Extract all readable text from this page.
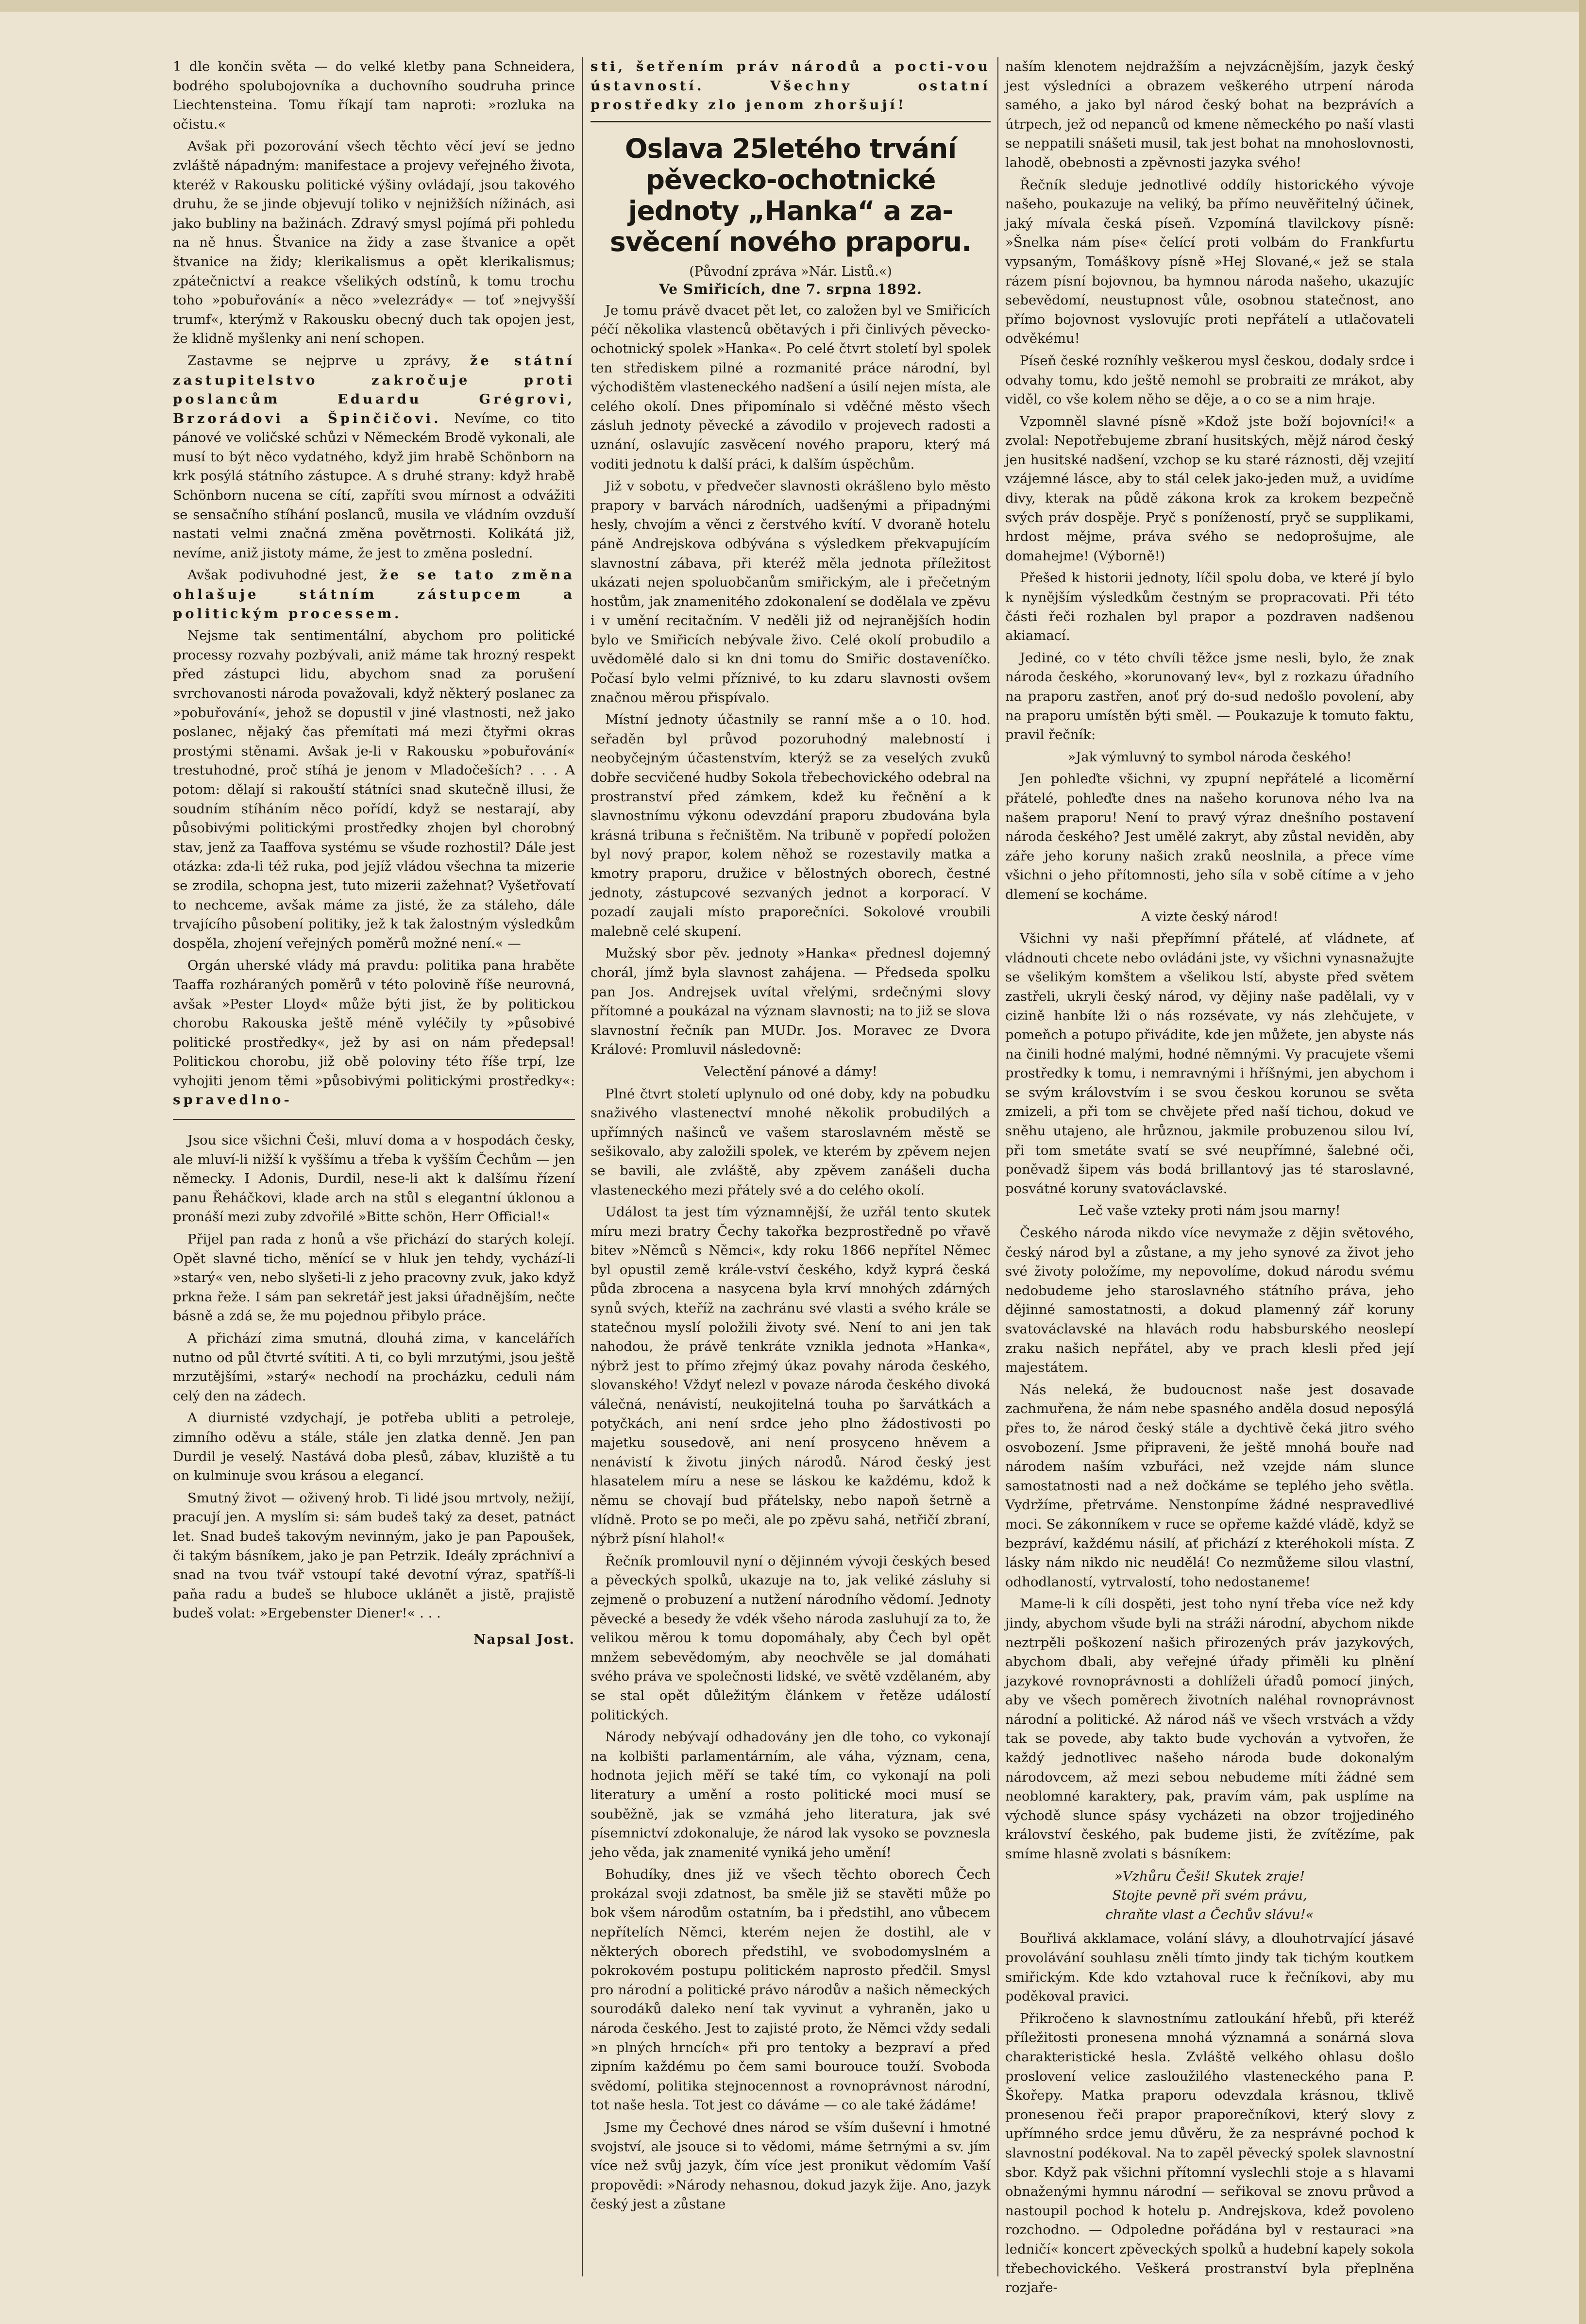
1 dle končin světa — do velké kletby pana Schneidera, bodrého spolubojovníka a duchovního soudruha prince Liechtensteina. Tomu říkají tam naproti: »rozluka na očistu.«

Avšak při pozorování všech těchto věcí jeví se jedno zvláště nápadným: manifestace a projevy veřejného života, kteréž v Rakousku politické výšiny ovládají, jsou takového druhu, že se jinde objevují toliko v nejnižších nížinách, asi jako bubliny na bažinách. Zdravý smysl pojímá při pohledu na ně hnus. Štvanice na židy a zase štvanice a opět štvanice na židy; klerikalismus a opět klerikalismus; zpátečnictví a reakce všelikých odstínů, k tomu trochu toho »pobuřování« a něco »velezrády« — toť »nejvyšší trumf«, kterýmž v Rakousku obecný duch tak opojen jest, že klidně myšlenky ani není schopen.

Zastavme se nejprve u zprávy, že státní zastupitelstvo zakročuje proti poslancům Eduardu Grégrovi, Brzorádovi a Špinčičovi. Nevíme, co tito pánové ve voličské schůzi v Německém Brodě vykonali, ale musí to být něco vydatného, když jim hrabě Schönborn na krk posýlá státního zástupce. A s druhé strany: když hrabě Schönborn nucena se cítí, zapříti svou mírnost a odvážiti se sensačního stíhání poslanců, musila ve vládním ovzduší nastati velmi značná změna povětrnosti. Kolikátá již, nevíme, aniž jistoty máme, že jest to změna poslední.

Avšak podivuhodné jest, že se tato změna ohlašuje státním zástupcem a politickým processem.

Nejsme tak sentimentální, abychom pro politické processy rozvahy pozbývali, aniž máme tak hrozný respekt před zástupci lidu, abychom snad za porušení svrchovanosti národa považovali, když některý poslanec za »pobuřování«, jehož se dopustil v jiné vlastnosti, než jako poslanec, nějaký čas přemítati má mezi čtyřmi okras prostými stěnami. Avšak je-li v Rakousku »pobuřování« trestuhodné, proč stíhá je jenom v Mladočeších? . . . A potom: dělají si rakouští státníci snad skutečně illusi, že soudním stíháním něco pořídí, když se nestarají, aby působivými politickými prostředky zhojen byl chorobný stav, jenž za Taaffova systému se všude rozhostil? Dále jest otázka: zda-li též ruka, pod jejíž vládou všechna ta mizerie se zrodila, schopna jest, tuto mizerii zažehnat? Vyšetřovatí to nechceme, avšak máme za jisté, že za stáleho, dále trvajícího působení politiky, jež k tak žalostným výsledkům dospěla, zhojení veřejných poměrů možné není.« —

Orgán uherské vlády má pravdu: politika pana hraběte Taaffa rozháraných poměrů v této polovině říše neurovná, avšak »Pester Lloyd« může býti jist, že by politickou chorobu Rakouska ještě méně vyléčily ty »působivé politické prostředky«, jež by asi on nám předepsal! Politickou chorobu, již obě poloviny této říše trpí, lze vyhojiti jenom těmi »působivými politickými prostředky«: spravedlno-

Jsou sice všichni Češi, mluví doma a v hospodách česky, ale mluví-li nižší k vyššímu a třeba k vyšším Čechům — jen německy. I Adonis, Durdil, nese-li akt k dalšímu řízení panu Řeháčkovi, klade arch na stůl s elegantní úklonou a pronáší mezi zuby zdvořilé »Bitte schön, Herr Official!«

Přijel pan rada z honů a vše přichází do starých kolejí. Opět slavné ticho, měnící se v hluk jen tehdy, vychází-li »starý« ven, nebo slyšeti-li z jeho pracovny zvuk, jako když prkna řeže. I sám pan sekretář jest jaksi úřadnějším, nečte básně a zdá se, že mu pojednou přibylo práce.

A přichází zima smutná, dlouhá zima, v kancelářích nutno od půl čtvrté svítiti. A ti, co byli mrzutými, jsou ještě mrzutějšími, »starý« nechodí na procházku, ceduli nám celý den na zádech.

A diurnisté vzdychají, je potřeba ubliti a petroleje, zimního oděvu a stále, stále jen zlatka denně. Jen pan Durdil je veselý. Nastává doba plesů, zábav, kluziště a tu on kulminuje svou krásou a elegancí.

Smutný život — oživený hrob. Ti lidé jsou mrtvoly, nežijí, pracují jen. A myslím si: sám budeš taký za deset, patnáct let. Snad budeš takovým nevinným, jako je pan Papoušek, či takým básníkem, jako je pan Petrzik. Ideály zpráchniví a snad na tvou tvář vstoupí také devotní výraz, spatříš-li paňa radu a budeš se hluboce uklánět a jistě, prajistě budeš volat: »Ergebenster Diener!« . . .

Napsal Jost.

sti, šetřením práv národů a pocti-vou ústavností. Všechny ostatní prostředky zlo jenom zhoršují!

Oslava 25letého trvání pěvecko-ochotnické jednoty „Hanka“ a za-svěcení nového praporu.
(Původní zpráva »Nár. Listů.«)
Ve Smiřicích, dne 7. srpna 1892.

Je tomu právě dvacet pět let, co založen byl ve Smiřicích péčí několika vlastenců obětavých i při činlivých pěvecko-ochotnický spolek »Hanka«. Po celé čtvrt století byl spolek ten střediskem pilné a rozmanité práce národní, byl východištěm vlasteneckého nadšení a úsilí nejen místa, ale celého okolí. Dnes připomínalo si vděčné město všech zásluh jednoty pěvecké a závodilo v projevech radosti a uznání, oslavujíc zasvěcení nového praporu, který má voditi jednotu k další práci, k dalším úspěchům.

Již v sobotu, v předvečer slavnosti okrášleno bylo město prapory v barvách národních, uadšenými a připadnými hesly, chvojím a věnci z čerstvého kvítí. V dvoraně hotelu páně Andrejskova odbývána s výsledkem překvapujícím slavnostní zábava, při kteréž měla jednota příležitost ukázati nejen spoluobčanům smiřickým, ale i přečetným hostům, jak znamenitého zdokonalení se dodělala ve zpěvu i v umění recitačním. V neděli již od nejranějších hodin bylo ve Smiřicích nebývale živo. Celé okolí probudilo a uvědomělé dalo si kn dni tomu do Smiřic dostaveníčko. Počasí bylo velmi příznivé, to ku zdaru slavnosti ovšem značnou měrou přispívalo.

Místní jednoty účastnily se ranní mše a o 10. hod. seřaděn byl průvod pozoruhodný malebností i neobyčejným účastenstvím, kterýž se za veselých zvuků dobře secvičené hudby Sokola třebechovického odebral na prostranství před zámkem, kdež ku řečnění a k slavnostnímu výkonu odevzdání praporu zbudována byla krásná tribuna s řečništěm. Na tribuně v popředí položen byl nový prapor, kolem něhož se rozestavily matka a kmotry praporu, družice v bělostných oborech, čestné jednoty, zástupcové sezvaných jednot a korporací. V pozadí zaujali místo praporečníci. Sokolové vroubili malebně celé skupení.

Mužský sbor pěv. jednoty »Hanka« přednesl dojemný chorál, jímž byla slavnost zahájena. — Předseda spolku pan Jos. Andrejsek uvítal vřelými, srdečnými slovy přítomné a poukázal na význam slavnosti; na to již se slova slavnostní řečník pan MUDr. Jos. Moravec ze Dvora Králové: Promluvil následovně:

Velectění pánové a dámy!

Plné čtvrt století uplynulo od oné doby, kdy na pobudku snaživého vlastenectví mnohé několik probudilých a upřímných našinců ve vašem staroslavném městě se sešikovalo, aby založili spolek, ve kterém by zpěvem nejen se bavili, ale zvláště, aby zpěvem zanášeli ducha vlasteneckého mezi přátely své a do celého okolí.

Událost ta jest tím významnější, že uzřál tento skutek míru mezi bratry Čechy takořka bezprostředně po vřavě bitev »Němců s Němci«, kdy roku 1866 nepřítel Němec byl opustil země krále-vství českého, když kyprá česká půda zbrocena a nasycena byla krví mnohých zdárných synů svých, kteříž na zachránu své vlasti a svého krále se statečnou myslí položili životy své. Není to ani jen tak nahodou, že právě tenkráte vznikla jednota »Hanka«, nýbrž jest to přímo zřejmý úkaz povahy národa českého, slovanského! Vždyť nelezl v povaze národa českého divoká válečná, nenávistí, neukojitelná touha po šarvátkách a potyčkách, ani není srdce jeho plno žádostivosti po majetku sousedově, ani není prosyceno hněvem a nenávistí k životu jiných národů. Národ český jest hlasatelem míru a nese se láskou ke každému, kdož k němu se chovají bud přátelsky, nebo napoň šetrně a vlídně. Proto se po meči, ale po zpěvu sahá, netřičí zbraní, nýbrž písní hlahol!«

Řečník promlouvil nyní o dějinném vývoji českých besed a pěveckých spolků, ukazuje na to, jak veliké zásluhy si zejmeně o probuzení a nutžení národního vědomí. Jednoty pěvecké a besedy že vdék všeho národa zasluhují za to, že velikou měrou k tomu dopomáhaly, aby Čech byl opět mnžem sebevědomým, aby neochvěle se jal domáhati svého práva ve společnosti lidské, ve světě vzdělaném, aby se stal opět důležitým článkem v řetěze událostí politických.

Národy nebývají odhadovány jen dle toho, co vykonají na kolbišti parlamentárním, ale váha, význam, cena, hodnota jejich měří se také tím, co vykonají na poli literatury a umění a rosto politické moci musí se souběžně, jak se vzmáhá jeho literatura, jak své písemnictví zdokonaluje, že národ lak vysoko se povznesla jeho věda, jak znamenité vyniká jeho umění!

Bohudíky, dnes již ve všech těchto oborech Čech prokázal svoji zdatnost, ba směle již se stavěti může po bok všem národům ostatním, ba i předstihl, ano vůbecem nepřítelích Němci, kterém nejen že dostihl, ale v některých oborech předstihl, ve svobodomyslném a pokrokovém postupu politickém naprosto předčil. Smysl pro národní a politické právo národův a našich německých sourodáků daleko není tak vyvinut a vyhraněn, jako u národa českého. Jest to zajisté proto, že Němci vždy sedali »n plných hrncích« při pro tentoky a bezpraví a před zipním každému po čem sami bourouce touží. Svoboda svědomí, politika stejnocennost a rovnoprávnost národní, tot naše hesla. Tot jest co dáváme — co ale také žádáme!

Jsme my Čechové dnes národ se vším duševní i hmotné svojství, ale jsouce si to vědomi, máme šetrnými a sv. jím více než svůj jazyk, čím více jest pronikut vědomím Vaší propovědi: »Národy nehasnou, dokud jazyk žije. Ano, jazyk český jest a zůstane

naším klenotem nejdražším a nejvzácnějším, jazyk český jest výsledníci a obrazem veškerého utrpení národa samého, a jako byl národ český bohat na bezprávích a útrpech, jež od nepanců od kmene německého po naší vlasti se neppatili snášeti musil, tak jest bohat na mnohoslovnosti, lahodě, obebnosti a zpěvnosti jazyka svého!

Řečník sleduje jednotlivé oddíly historického vývoje našeho, poukazuje na veliký, ba přímo neuvěřitelný účinek, jaký mívala česká píseň. Vzpomíná tlavilckovy písně: »Šnelka nám píse« čelící proti volbám do Frankfurtu vypsaným, Tomáškovy písně »Hej Slované,« jež se stala rázem písní bojovnou, ba hymnou národa našeho, ukazujíc sebevědomí, neustupnost vůle, osobnou statečnost, ano přímo bojovnost vyslovujíc proti nepřátelí a utlačovateli odvěkému!

Píseň české rozníhly veškerou mysl českou, dodaly srdce i odvahy tomu, kdo ještě nemohl se probraiti ze mrákot, aby viděl, co vše kolem něho se děje, a o co se a nim hraje.

Vzpomněl slavné písně »Kdož jste boží bojovníci!« a zvolal: Nepotřebujeme zbraní husitských, mějž národ český jen husitské nadšení, vzchop se ku staré ráznosti, děj vzejití vzájemné lásce, aby to stál celek jako-jeden muž, a uvidíme divy, kterak na půdě zákona krok za krokem bezpečně svých práv dospěje. Pryč s ponížeností, pryč se supplikami, hrdost mějme, práva svého se nedoprošujme, ale domahejme! (Výborně!)

Přešed k historii jednoty, líčil spolu doba, ve které jí bylo k nynějším výsledkům čestným se propracovati. Při této části řeči rozhalen byl prapor a pozdraven nadšenou akiamací.

Jediné, co v této chvíli těžce jsme nesli, bylo, že znak národa českého, »korunovaný lev«, byl z rozkazu úřadního na praporu zastřen, anoť prý do-sud nedošlo povolení, aby na praporu umístěn býti směl. — Poukazuje k tomuto faktu, pravil řečník:

»Jak výmluvný to symbol národa českého!

Jen pohleďte všichni, vy zpupní nepřátelé a licoměrní přátelé, pohleďte dnes na našeho korunova ného lva na našem praporu! Není to pravý výraz dnešního postavení národa českého? Jest umělé zakryt, aby zůstal neviděn, aby záře jeho koruny našich zraků neoslnila, a přece víme všichni o jeho přítomnosti, jeho síla v sobě cítíme a v jeho dlemení se kocháme.

A vizte český národ!

Všichni vy naši přepřímní přátelé, ať vládnete, ať vládnouti chcete nebo ovládáni jste, vy všichni vynasnažujte se všelikým komštem a všelikou lstí, abyste před světem zastřeli, ukryli český národ, vy dějiny naše padělali, vy v cizině hanbíte lži o nás rozsévate, vy nás zlehčujete, v pomeňch a potupo přivádite, kde jen můžete, jen abyste nás na činili hodné malými, hodné němnými. Vy pracujete všemi prostředky k tomu, i nemravnými i hříšnými, jen abychom i se svým královstvím i se svou českou korunou se světa zmizeli, a při tom se chvějete před naší tichou, dokud ve sněhu utajeno, ale hrůznou, jakmile probuzenou silou lví, při tom smetáte svatí se své neupřímné, šalebné oči, poněvadž šipem vás bodá brillantový jas té staroslavné, posvátné koruny svatováclavské.

Leč vaše vztekу proti nám jsou marny!

Českého národa nikdo více nevymaže z dějin světového, český národ byl a zůstane, a my jeho synové za život jeho své životy položíme, my nepovolíme, dokud národu svému nedobudeme jeho staroslavného státního práva, jeho dějinné samostatnosti, a dokud plamenný zář koruny svatováclavské na hlavách rodu habsburského neoslepí zraku našich nepřátel, aby ve prach klesli před její majestátem.

Nás neleká, že budoucnost naše jest dosavade zachmuřena, že nám nebe spasného anděla dosud neposýlá přes to, že národ český stále a dychtivě čeká jitro svého osvobození. Jsme připraveni, že ještě mnohá bouře nad národem naším vzbuřáci, než vzejde nám slunce samostatnosti nad a než dočkáme se teplého jeho světla. Vydržíme, přetrváme. Nenstonpíme žádné nespravedlivé moci. Se zákonníkem v ruce se opřeme každé vládě, když se bezpráví, každému násilí, ať přichází z kteréhokoli místa. Z lásky nám nikdo nic neudělá! Co nezmůžeme silou vlastní, odhodlaností, vytrvalostí, toho nedostaneme!

Mame-li k cíli dospěti, jest toho nyní třeba více než kdy jindy, abychom všude byli na stráži národní, abychom nikde neztrpěli poškození našich přirozených práv jazykových, abychom dbali, aby veřejné úřady přiměli ku plnění jazykové rovnoprávnosti a dohlíželi úřadů pomocí jiných, aby ve všech poměrech životních naléhal rovnoprávnost národní a politické. Až národ náš ve všech vrstvách a vždy tak se povede, aby takto bude vychován a vytvořen, že každý jednotlivec našeho národa bude dokonalým národovcem, až mezi sebou nebudeme míti žádné sem neoblomné karaktery, pak, pravím vám, pak usplíme na východě slunce spásy vycházeti na obzor trojjediného království českého, pak budeme jisti, že zvítězíme, pak smíme hlasně zvolati s básníkem:

»Vzhůru Češi! Skutek zraje!

Stojte pevně při svém právu,

chraňte vlast a Čechův slávu!«

Bouřlivá akklamace, volání slávy, a dlouhotrvající jásavé provolávání souhlasu zněli tímto jindy tak tichým koutkem smiřickým. Kde kdo vztahoval ruce k řečníkovi, aby mu poděkoval pravici.

Přikročeno k slavnostnímu zatloukání hřebů, při kteréž příležitosti pronesena mnohá významná a sonárná slova charakteristické hesla. Zvláště velkého ohlasu došlo proslovení velice zasloužilého vlasteneckého pana P. Škořepy. Matka praporu odevzdala krásnou, tklivě pronesenou řeči prapor praporečníkovi, který slovy z upřímného srdce jemu důvěru, že za nesprávné pochod k slavnostní podékoval. Na to zapěl pěvecký spolek slavnostní sbor. Když pak všichni přítomní vyslechli stoje a s hlavami obnaženými hymnu národní — seřikoval se znovu průvod a nastoupil pochod k hotelu p. Andrejskova, kdež povoleno rozchodno. — Odpoledne pořádána byl v restauraci »na ledničí« koncert zpěveckých spolků a hudební kapely sokola třebechovického. Veškerá prostranství byla přeplněna rozjaře-
